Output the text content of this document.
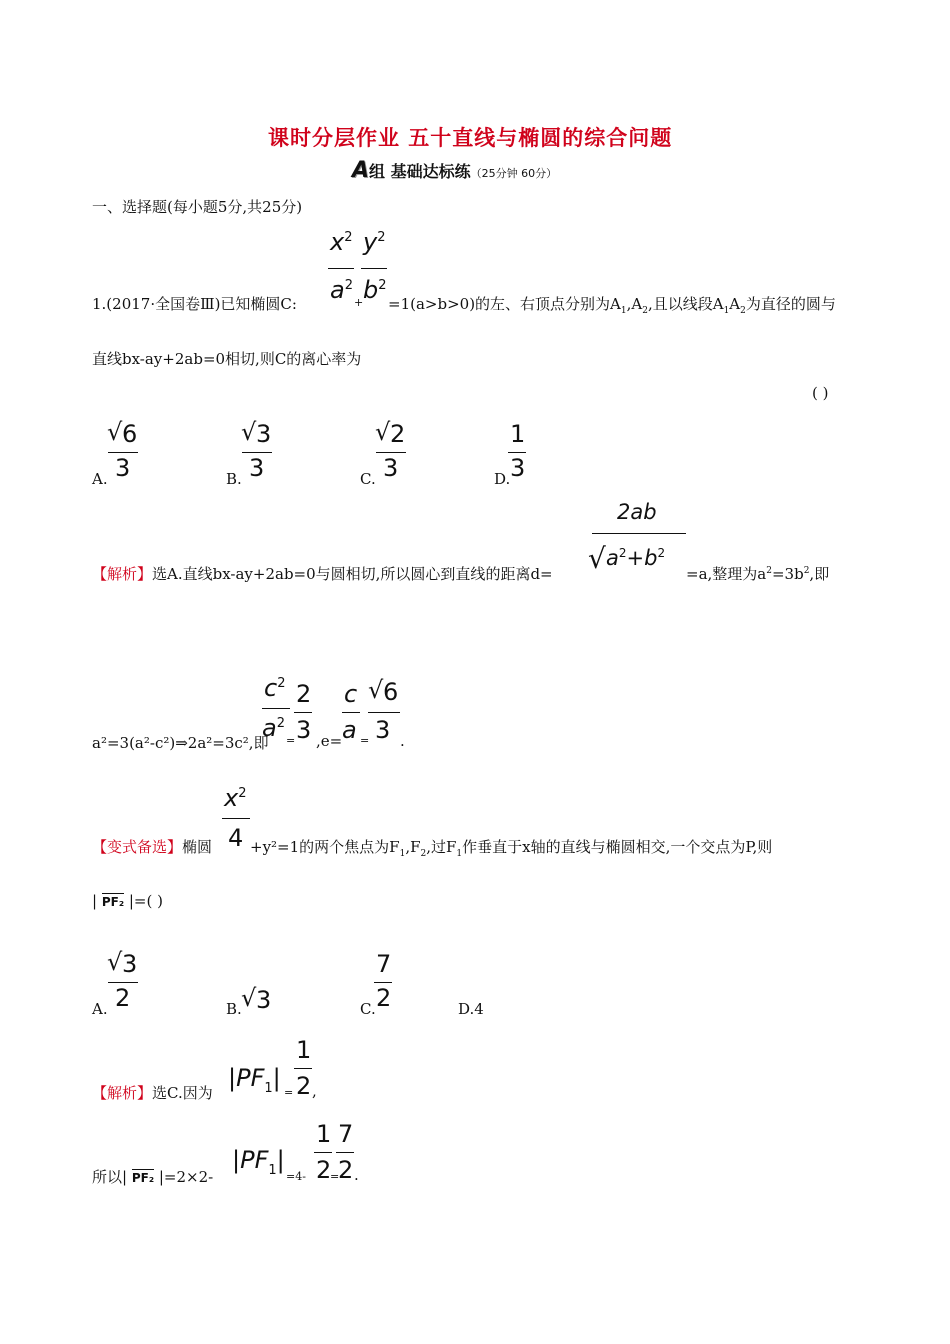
课时分层作业 五十直线与椭圆的综合问题
A组 基础达标练（25分钟 60分）
一、选择题(每小题5分,共25分)
$x^2$
$a^2$
$y^2$
$b^2$
1.(2017·全国卷Ⅲ)已知椭圆C:	+ =1(a>b>0)的左、右顶点分别为$A_1,A_2$,且以线段$A_1A_2$为直径的圆与
直线bx-ay+2ab=0相切,则C的离心率为
( )
A.
√ 6
3	B.
√ 3
3	C.
√ 2
3	D.
1
3
2ab
√ $a^2+b^2$
【解析】选A.直线bx-ay+2ab=0与圆相切,所以圆心到直线的距离d=	=a,整理为$a^2=3b^2$,即
$c^2$
$a^2$
2
3
c
a
√ 6
3
a²=3(a²-c²)⇒2a²=3c²,即 = ,e= = .
$x^2$
4
【变式备选】椭圆	+y²=1的两个焦点为$F_1,F_2$,过$F_1$作垂直于x轴的直线与椭圆相交,一个交点为P,则
| PF₂ |=( )
A.
√ 3
2	B. √ 3	C.
7
2	D.4
1
2
$|PF_1|$
【解析】选C.因为	= ,
1
2
7
2
$|PF_1|$
所以| PF₂ |=2×2-	=4- = .
